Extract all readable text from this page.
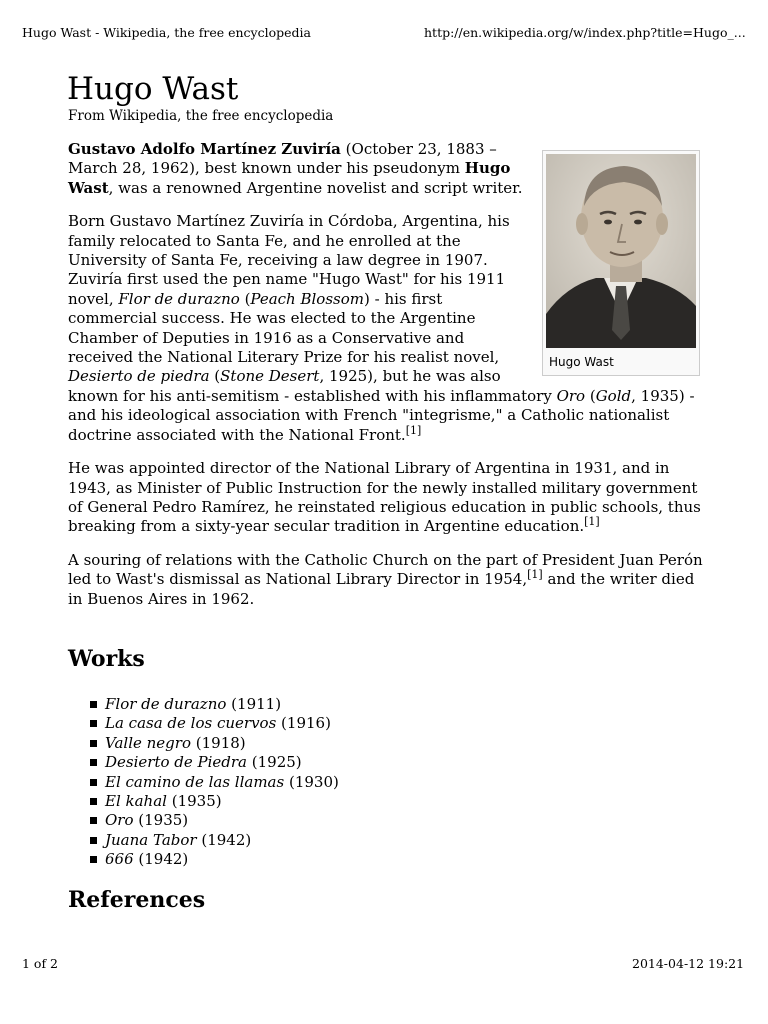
Hugo Wast - Wikipedia, the free encyclopedia	http://en.wikipedia.org/w/index.php?title=Hugo_...
Hugo Wast
From Wikipedia, the free encyclopedia
Hugo Wast

Gustavo Adolfo Martínez Zuviría (October 23, 1883 – March 28, 1962), best known under his pseudonym Hugo Wast, was a renowned Argentine novelist and script writer.

Born Gustavo Martínez Zuviría in Córdoba, Argentina, his family relocated to Santa Fe, and he enrolled at the University of Santa Fe, receiving a law degree in 1907. Zuviría first used the pen name "Hugo Wast" for his 1911 novel, Flor de durazno (Peach Blossom) - his first commercial success. He was elected to the Argentine Chamber of Deputies in 1916 as a Conservative and received the National Literary Prize for his realist novel, Desierto de piedra (Stone Desert, 1925), but he was also known for his anti-semitism - established with his inflammatory Oro (Gold, 1935) - and his ideological association with French "integrisme," a Catholic nationalist doctrine associated with the National Front.[1]

He was appointed director of the National Library of Argentina in 1931, and in 1943, as Minister of Public Instruction for the newly installed military government of General Pedro Ramírez, he reinstated religious education in public schools, thus breaking from a sixty-year secular tradition in Argentine education.[1]

A souring of relations with the Catholic Church on the part of President Juan Perón led to Wast's dismissal as National Library Director in 1954,[1] and the writer died in Buenos Aires in 1962.

Works
Flor de durazno (1911)
La casa de los cuervos (1916)
Valle negro (1918)
Desierto de Piedra (1925)
El camino de las llamas (1930)
El kahal (1935)
Oro (1935)
Juana Tabor (1942)
666 (1942)
References
1 of 2	2014-04-12 19:21
